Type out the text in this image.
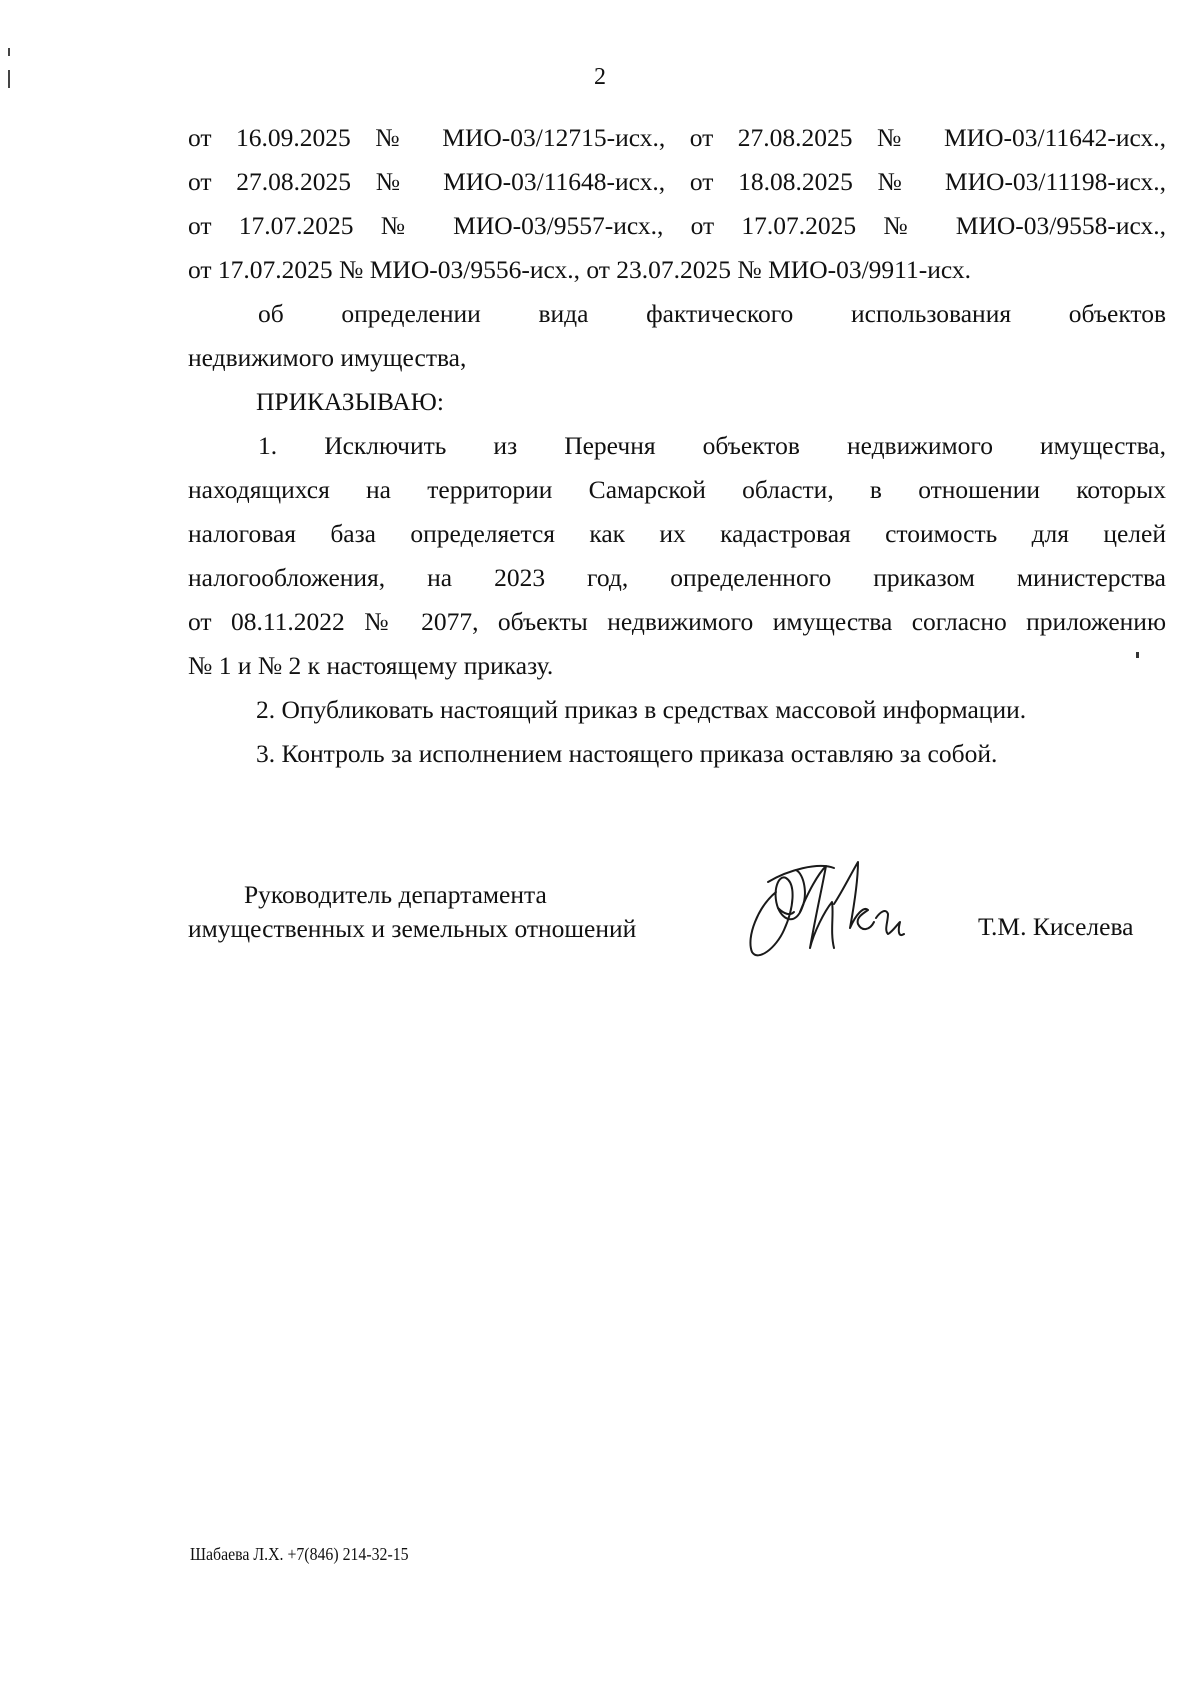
2
от 16.09.2025 № МИО-03/12715-исх., от 27.08.2025 № МИО-03/11642-исх.,
от 27.08.2025 № МИО-03/11648-исх., от 18.08.2025 № МИО-03/11198-исх.,
от 17.07.2025 № МИО-03/9557-исх., от 17.07.2025 № МИО-03/9558-исх.,
от 17.07.2025 № МИО-03/9556-исх., от 23.07.2025 № МИО-03/9911-исх.
об определении вида фактического использования объектов
недвижимого имущества,
ПРИКАЗЫВАЮ:
1. Исключить из Перечня объектов недвижимого имущества,
находящихся на территории Самарской области, в отношении которых
налоговая база определяется как их кадастровая стоимость для целей
налогообложения, на 2023 год, определенного приказом министерства
от 08.11.2022 № 2077, объекты недвижимого имущества согласно приложению
№ 1 и № 2 к настоящему приказу.
2. Опубликовать настоящий приказ в средствах массовой информации.
3. Контроль за исполнением настоящего приказа оставляю за собой.
Руководитель департамента
имущественных и земельных отношений	Т.М. Киселева
Шабаева Л.Х. +7(846) 214-32-15
